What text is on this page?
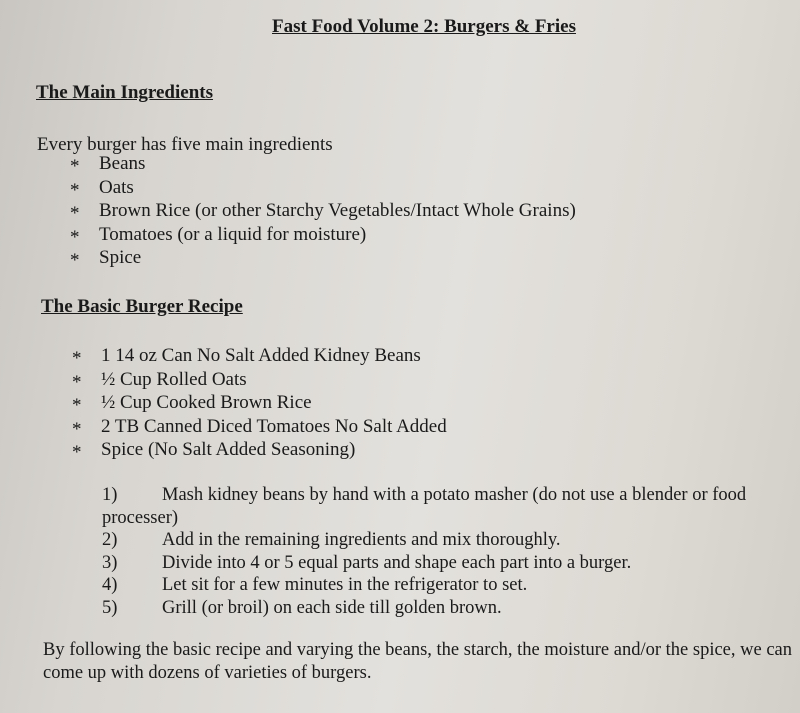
Fast Food Volume 2: Burgers & Fries
The Main Ingredients
Every burger has five main ingredients
* Beans
* Oats
* Brown Rice (or other Starchy Vegetables/Intact Whole Grains)
* Tomatoes (or a liquid for moisture)
* Spice
The Basic Burger Recipe
* 1 14 oz Can No Salt Added Kidney Beans
* ½ Cup Rolled Oats
* ½ Cup Cooked Brown Rice
* 2 TB Canned Diced Tomatoes No Salt Added
* Spice (No Salt Added Seasoning)
1) Mash kidney beans by hand with a potato masher (do not use a blender or food processer)
2) Add in the remaining ingredients and mix thoroughly.
3) Divide into 4 or 5 equal parts and shape each part into a burger.
4) Let sit for a few minutes in the refrigerator to set.
5) Grill (or broil) on each side till golden brown.
By following the basic recipe and varying the beans, the starch, the moisture and/or the spice, we can come up with dozens of varieties of burgers.
